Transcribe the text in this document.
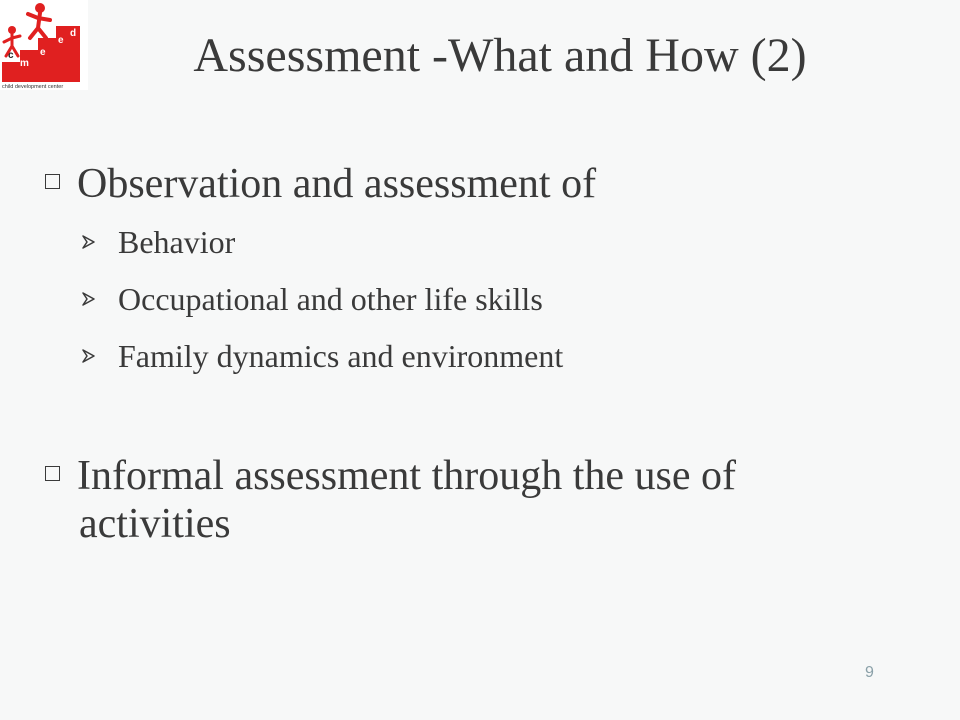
c
m
e
e
d
child development center
Assessment -What and How (2)
Observation and assessment of
Behavior
Occupational and other life skills
Family dynamics and environment
Informal assessment through the use of
activities
9
